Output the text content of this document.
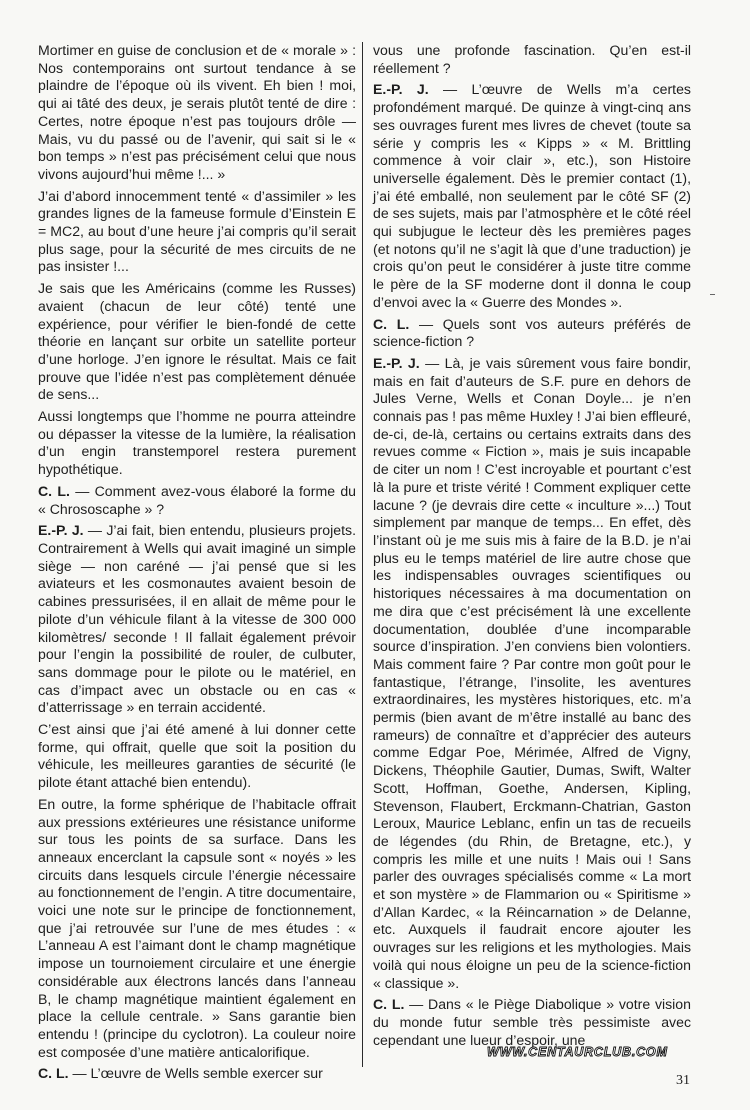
Mortimer en guise de conclusion et de « morale » : Nos contemporains ont surtout tendance à se plaindre de l’époque où ils vivent. Eh bien ! moi, qui ai tâté des deux, je serais plutôt tenté de dire : Certes, notre époque n’est pas toujours drôle — Mais, vu du passé ou de l’avenir, qui sait si le « bon temps » n’est pas précisément celui que nous vivons aujourd’hui même !... »

J’ai d’abord innocemment tenté « d’assimiler » les grandes lignes de la fameuse formule d’Einstein E = MC2, au bout d’une heure j’ai compris qu’il serait plus sage, pour la sécurité de mes circuits de ne pas insister !...

Je sais que les Américains (comme les Russes) avaient (chacun de leur côté) tenté une expérience, pour vérifier le bien-fondé de cette théorie en lançant sur orbite un satellite porteur d’une horloge. J’en ignore le résultat. Mais ce fait prouve que l’idée n’est pas complètement dénuée de sens...

Aussi longtemps que l’homme ne pourra atteindre ou dépasser la vitesse de la lumière, la réalisation d’un engin transtemporel restera purement hypothétique.

C. L. — Comment avez-vous élaboré la forme du « Chrososcaphe » ?

E.-P. J. — J’ai fait, bien entendu, plusieurs projets. Contrairement à Wells qui avait imaginé un simple siège — non caréné — j’ai pensé que si les aviateurs et les cosmonautes avaient besoin de cabines pressurisées, il en allait de même pour le pilote d’un véhicule filant à la vitesse de 300 000 kilomètres/ seconde ! Il fallait également prévoir pour l’engin la possibilité de rouler, de culbuter, sans dommage pour le pilote ou le matériel, en cas d’impact avec un obstacle ou en cas « d’atterrissage » en terrain accidenté.

C’est ainsi que j’ai été amené à lui donner cette forme, qui offrait, quelle que soit la position du véhicule, les meilleures garanties de sécurité (le pilote étant attaché bien entendu).

En outre, la forme sphérique de l’habitacle offrait aux pressions extérieures une résistance uniforme sur tous les points de sa surface. Dans les anneaux encerclant la capsule sont « noyés » les circuits dans lesquels circule l’énergie nécessaire au fonctionnement de l’engin. A titre documentaire, voici une note sur le principe de fonctionnement, que j’ai retrouvée sur l’une de mes études : « L’anneau A est l’aimant dont le champ magnétique impose un tournoiement circulaire et une énergie considérable aux électrons lancés dans l’anneau B, le champ magnétique maintient également en place la cellule centrale. » Sans garantie bien entendu ! (principe du cyclotron). La couleur noire est composée d’une matière anticalorifique.

C. L. — L’œuvre de Wells semble exercer sur

vous une profonde fascination. Qu’en est-il réellement ?

E.-P. J. — L’œuvre de Wells m’a certes profondément marqué. De quinze à vingt-cinq ans ses ouvrages furent mes livres de chevet (toute sa série y compris les « Kipps » « M. Brittling commence à voir clair », etc.), son Histoire universelle également. Dès le premier contact (1), j’ai été emballé, non seulement par le côté SF (2) de ses sujets, mais par l’atmosphère et le côté réel qui subjugue le lecteur dès les premières pages (et notons qu’il ne s’agit là que d’une traduction) je crois qu’on peut le considérer à juste titre comme le père de la SF moderne dont il donna le coup d’envoi avec la « Guerre des Mondes ».

C. L. — Quels sont vos auteurs préférés de science-fiction ?

E.-P. J. — Là, je vais sûrement vous faire bondir, mais en fait d’auteurs de S.F. pure en dehors de Jules Verne, Wells et Conan Doyle... je n’en connais pas ! pas même Huxley ! J’ai bien effleuré, de-ci, de-là, certains ou certains extraits dans des revues comme « Fiction », mais je suis incapable de citer un nom ! C’est incroyable et pourtant c’est là la pure et triste vérité ! Comment expliquer cette lacune ? (je devrais dire cette « inculture »...) Tout simplement par manque de temps... En effet, dès l’instant où je me suis mis à faire de la B.D. je n’ai plus eu le temps matériel de lire autre chose que les indispensables ouvrages scientifiques ou historiques nécessaires à ma documentation on me dira que c’est précisément là une excellente documentation, doublée d’une incomparable source d’inspiration. J’en conviens bien volontiers. Mais comment faire ? Par contre mon goût pour le fantastique, l’étrange, l’insolite, les aventures extraordinaires, les mystères historiques, etc. m’a permis (bien avant de m’être installé au banc des rameurs) de connaître et d’apprécier des auteurs comme Edgar Poe, Mérimée, Alfred de Vigny, Dickens, Théophile Gautier, Dumas, Swift, Walter Scott, Hoffman, Goethe, Andersen, Kipling, Stevenson, Flaubert, Erckmann-Chatrian, Gaston Leroux, Maurice Leblanc, enfin un tas de recueils de légendes (du Rhin, de Bretagne, etc.), y compris les mille et une nuits ! Mais oui ! Sans parler des ouvrages spécialisés comme « La mort et son mystère » de Flammarion ou « Spiritisme » d’Allan Kardec, « la Réincarnation » de Delanne, etc. Auxquels il faudrait encore ajouter les ouvrages sur les religions et les mythologies. Mais voilà qui nous éloigne un peu de la science-fiction « classique ».

C. L. — Dans « le Piège Diabolique » votre vision du monde futur semble très pessimiste avec cependant une lueur d’espoir, une

WWW.CENTAURCLUB.COM
31
